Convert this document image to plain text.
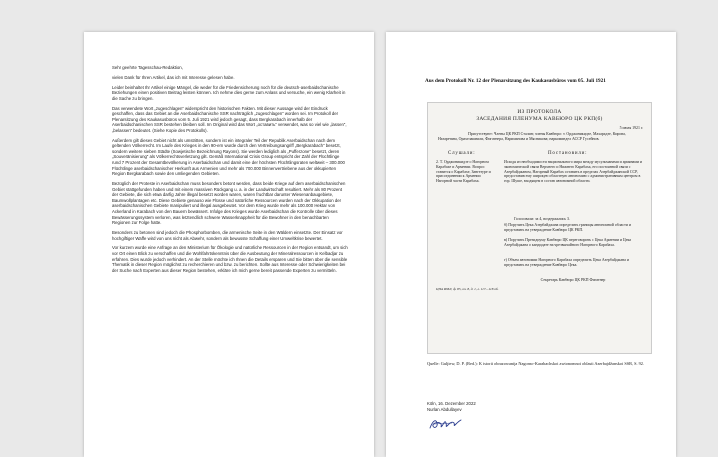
Sehr geehrte Tagesschau-Redaktion,

vielen Dank für Ihren Artikel, das ich mit Interesse gelesen habe.

Leider beinhaltet Ihr Artikel einige Mängel, die weder für die Friedensicherung noch für die deutsch-aserbaidschanische Beziehungen einen positiven Beitrag leisten können. Ich nehme dies gerne zum Anlass und versuche, ein wenig Klarheit in die Sache zu bringen.

Das verwendete Wort „zugeschlagen“ widerspricht den historischen Fakten. Mit dieser Aussage wird der Eindruck geschaffen, dass das Gebiet an die Aserbaidschanische SSR nachträglich „zugeschlagen“ worden sei. Im Protokoll der Plenarsitzung des Kaukasusbüros vom 5. Juli 1921 wird jedoch gesagt, dass Bergkarabach innerhalb der Aserbaidschanischen SSR bestehen bleiben soll. Im Original wird das Wort „оставить“ verwendet, was so viel wie „lassen“, „belassen“ bedeutet. (Siehe Kopie des Protokolls).

Außerdem gilt dieses Gebiet nicht als umstritten, sondern ist ein integraler Teil der Republik Aserbaidschan nach dem geltenden Völkerrecht. Im Laufe des Krieges in den 90-ern wurde durch den Vertreibungsangriff „Bergkarabach“ besetzt, sondern weitere sieben Städte (Sowjetische Bezeichnung Rayons). Sie werden lediglich als „Pufferzone“ besetzt, deren „Souveränisierung“ als Völkerrechtsverletzung gilt. Gemäß International Crisis Group entspricht der Zahl der Flüchtlinge rund 7 Prozent der Gesamtbevölkerung in Aserbaidschan und damit eine der höchsten Flüchtlingsraten weltweit – 300.000 Flüchtlinge aserbaidschanischer Herkunft aus Armenien und mehr als 700.000 Binnenvertriebene aus der okkupierten Region Bergkarabach sowie den umliegenden Gebieten.

Bezüglich der Proteste in Aserbaidschan muss besonders betont werden, dass beide Kriege auf dem aserbaidschanischen Gebiet stattgefunden haben und mit einem massiven Rückgang u. a. in der Landwirtschaft resultiert. Mehr als 80 Prozent der Gebiete, die sich etwa darfig Jahre illegal besetzt worden waren, waren fruchtbar darunter Wiesenanbaugebiete, Baumwollplantagen etc. Diese Gebiete genauso wie Flüsse und natürliche Ressourcen wurden nach der Okkupation der aserbaidschanischen Gebiete manipuliert und illegal ausgebeutet. Vor dem Krieg wurde mehr als 100.000 Hektar von Ackerland in Karabach von den Bauern bewässert. Infolge des Krieges wurde Aserbaidschan die Kontrolle über dieses Bewässerungssystem verloren, was letztendlich schwere Wasserknappheit für die Bewohner in den benachbarten Regionen zur Folge hatte.

Besonders zu betonen sind jedoch die Phosphorbomben, die armenische Seite in den Wäldern einsetzte. Der Einsatz vor hochgiftiger Waffe wird von uns nicht als Abwehr, sondern als bewusste Schaffung einer Umweltkrise bewertet.

Vor kurzem wurde eine Anfrage an den Ministerium für Ökologie und natürliche Ressourcen in der Region entsandt, um sich vor Ort einen Blick zu verschaffen und die Wohlfahrtskenntnis über die Ausbeutung der Mineralressourcen in Kelbadjar zu erfahren. Dies wurde jedoch verhindert. An der Stelle möchte ich Ihnen die Details ersparen und Sie bitten über die sensible Thematik in dieser Region möglichst zu recherchieren und bzw. zu berichten. Sollte aus Interesse oder Schwierigkeiten bei der Suche nach Experten aus dieser Region bestehen, erkläre ich mich gerne bereit passende Experten zu vermitteln.

Aus dem Protokoll Nr. 12 der Plenarsitzung des Kaukasusbüros vom 05. Juli 1921
ИЗ ПРОТОКОЛА
ЗАСЕДАНИЯ ПЛЕНУМА КАВБЮРО ЦК РКП(б)
5 июля 1921 г.
Присутствуют: Члены ЦК РКП Сталин; члены Кавбюро: т. Орджоникидзе, Махарадзе, Кирова, Назаретяна, Орахелашвили, Фигатнера, Нариманова и Мясникова; наркоминдел АССР Гусейнов.
Слушали:	Постановили:
2. Т. Орджоникидзе о Нагорном Карабахе и Армении. Вопрос ставится о Карабахе, Зангезуре и присоединении к Армении Нагорной части Карабаха.
Исходя из необходимости национального мира между мусульманами и армянами и экономической связи Верхнего и Нижнего Карабаха, его постоянной связи с Азербайджаном, Нагорный Карабах оставить в пределах Азербайджанской ССР, предоставив ему широкую областную автономию с административным центром в гор. Шуше, входящем в состав автономной области.
Голосовали: за 4, воздержались 3.
б) Поручить Цека Азербайджана определить границы автономной области и представить на утверждение Кавбюро ЦК РКП.
в) Поручить Президиуму Кавбюро ЦК переговорить с Цека Армении и Цека Азербайджана о кандидате на чрезвычайного Нагорного Карабаха.
г) Объем автономии Нагорного Карабаха определить Цека Азербайджана и представить на утверждение Кавбюро Цека.
Секретарь Кавбюро ЦК РКП Фигатнер
ЦПА ИМЛ, ф. 85, оп. 8, д. 1, л. 117—118 об.
Quelle: Guljiew, D. P. (Red.): K istorii obrazowanija Nagorno-Karabachskoi awtonomnoi oblasti Azerbajdžanskoi SSR, S. 92.
Köln, 16. Dezember 2022
Nurlan Abdullayev
